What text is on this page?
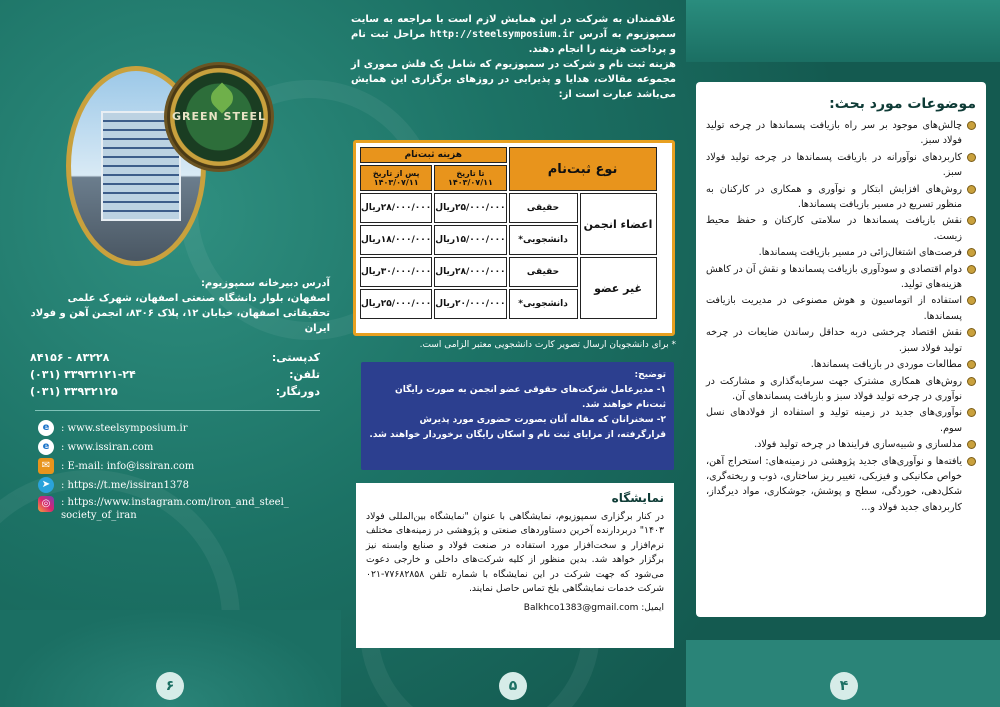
GREEN STEEL
آدرس دبیرخانه سمپوزیوم:
اصفهان، بلوار دانشگاه صنعتی اصفهان، شهرک علمی تحقیقاتی اصفهان، خیابان ۱۲، پلاک ۸۳۰۶، انجمن آهن و فولاد ایران
کدپستی:
۸۴۱۵۶ - ۸۳۲۲۸
تلفن:
(۰۳۱) ۳۳۹۳۲۱۲۱-۲۴
دورنگار:
(۰۳۱) ۳۳۹۳۲۱۲۵
e	: www.steelsymposium.ir
e	: www.issiran.com
✉	: E-mail: info@issiran.com
➤	: https://t.me/issiran1378
◎	: https://www.instagram.com/iron_and_steel_ society_of_iran
۶
علاقمندان به شرکت در این همایش لازم است با مراجعه به سایت سمپوزیوم به آدرس http://steelsymposium.ir مراحل ثبت نام و پرداخت هزینه را انجام دهند.
هزینه ثبت نام و شرکت در سمپوزیوم که شامل یک فلش مموری از مجموعه مقالات، هدایا و پذیرایی در روزهای برگزاری این همایش می‌باشد عبارت است از:
نوع ثبت‌نام		هزینه ثبت‌نام	
		تا تاریخ ۱۴۰۳/۰۷/۱۱	پس از تاریخ ۱۴۰۳/۰۷/۱۱
اعضاء انجمن	حقیقی	۲۵/۰۰۰/۰۰۰ریال	۲۸/۰۰۰/۰۰۰ریال
	دانشجویی*	۱۵/۰۰۰/۰۰۰ریال	۱۸/۰۰۰/۰۰۰ریال
غیر عضو	حقیقی	۲۸/۰۰۰/۰۰۰ریال	۳۰/۰۰۰/۰۰۰ریال
	دانشجویی*	۲۰/۰۰۰/۰۰۰ریال	۲۵/۰۰۰/۰۰۰ریال
* برای دانشجویان ارسال تصویر کارت دانشجویی معتبر الزامی است.
توضیح:
۱- مدیرعامل شرکت‌های حقوقی عضو انجمن به صورت رایگان ثبت‌نام خواهند شد.
۲- سخنرانان که مقاله آنان بصورت حضوری مورد پذیرش قرارگرفته، از مزایای ثبت نام و اسکان رایگان برخوردار خواهند شد.
نمایشگاه
در کنار برگزاری سمپوزیوم، نمایشگاهی با عنوان "نمایشگاه بین‌المللی فولاد ۱۴۰۳" دربردارنده آخرین دستاوردهای صنعتی و پژوهشی در زمینه‌های مختلف نرم‌افزار و سخت‌افزار مورد استفاده در صنعت فولاد و صنایع وابسته نیز برگزار خواهد شد. بدین منظور از کلیه شرکت‌های داخلی و خارجی دعوت می‌شود که جهت شرکت در این نمایشگاه با شماره تلفن ۷۷۶۸۲۸۵۸-۰۲۱ شرکت خدمات نمایشگاهی بلخ تماس حاصل نمایند.
ایمیل: Balkhco1383@gmail.com
۵
موضوعات مورد بحث:
چالش‌های موجود بر سر راه بازیافت پسماندها در چرخه تولید فولاد سبز.
کاربردهای نوآورانه در بازیافت پسماندها در چرخه تولید فولاد سبز.
روش‌های افزایش ابتکار و نوآوری و همکاری در کارکنان به منظور تسریع در مسیر بازیافت پسماندها.
نقش بازیافت پسماندها در سلامتی کارکنان و حفظ محیط زیست.
فرصت‌های اشتغال‌زائی در مسیر بازیافت پسماندها.
دوام اقتصادی و سودآوری بازیافت پسماندها و نقش آن در کاهش هزینه‌های تولید.
استفاده از اتوماسیون و هوش مصنوعی در مدیریت بازیافت پسماندها.
نقش اقتصاد چرخشی دربه حداقل رساندن ضایعات در چرخه تولید فولاد سبز.
مطالعات موردی در بازیافت پسماندها.
روش‌های همکاری مشترک جهت سرمایه‌گذاری و مشارکت در نوآوری در چرخه تولید فولاد سبز و بازیافت پسماندهای آن.
نوآوری‌های جدید در زمینه تولید و استفاده از فولادهای نسل سوم.
مدلسازی و شبیه‌سازی فرایندها در چرخه تولید فولاد.
یافته‌ها و نوآوری‌های جدید پژوهشی در زمینه‌های: استخراج آهن، خواص مکانیکی و فیزیکی، تغییر ریز ساختاری، ذوب و ریخته‌گری، شکل‌دهی، خوردگی، سطح و پوشش، جوشکاری، مواد دیرگداز، کاربردهای جدید فولاد و...
۴
